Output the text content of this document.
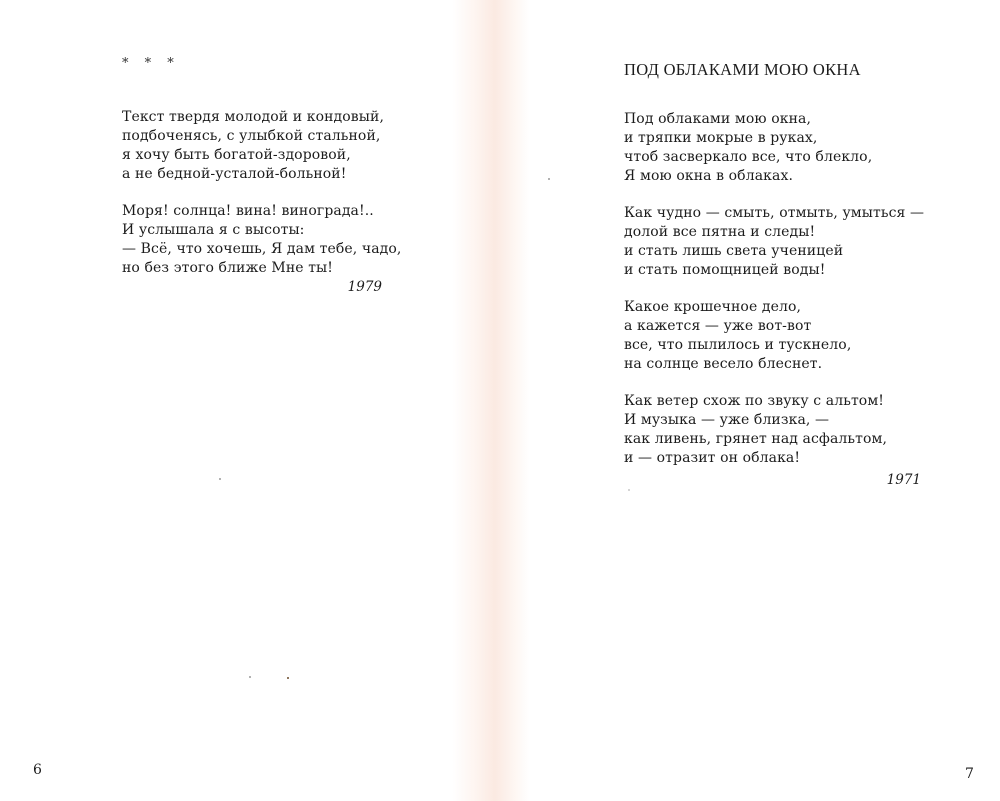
* * *
Текст твердя молодой и кондовый,
подбоченясь, с улыбкой стальной,
я хочу быть богатой-здоровой,
а не бедной-усталой-больной!
Моря! солнца! вина! винограда!..
И услышала я с высоты:
— Всё, что хочешь, Я дам тебе, чадо,
но без этого ближе Мне ты!
1979
6
ПОД ОБЛАКАМИ МОЮ ОКНА
Под облаками мою окна,
и тряпки мокрые в руках,
чтоб засверкало все, что блекло,
Я мою окна в облаках.
Как чудно — смыть, отмыть, умыться —
долой все пятна и следы!
и стать лишь света ученицей
и стать помощницей воды!
Какое крошечное дело,
а кажется — уже вот-вот
все, что пылилось и тускнело,
на солнце весело блеснет.
Как ветер схож по звуку с альтом!
И музыка — уже близка, —
как ливень, грянет над асфальтом,
и — отразит он облака!
1971
7
